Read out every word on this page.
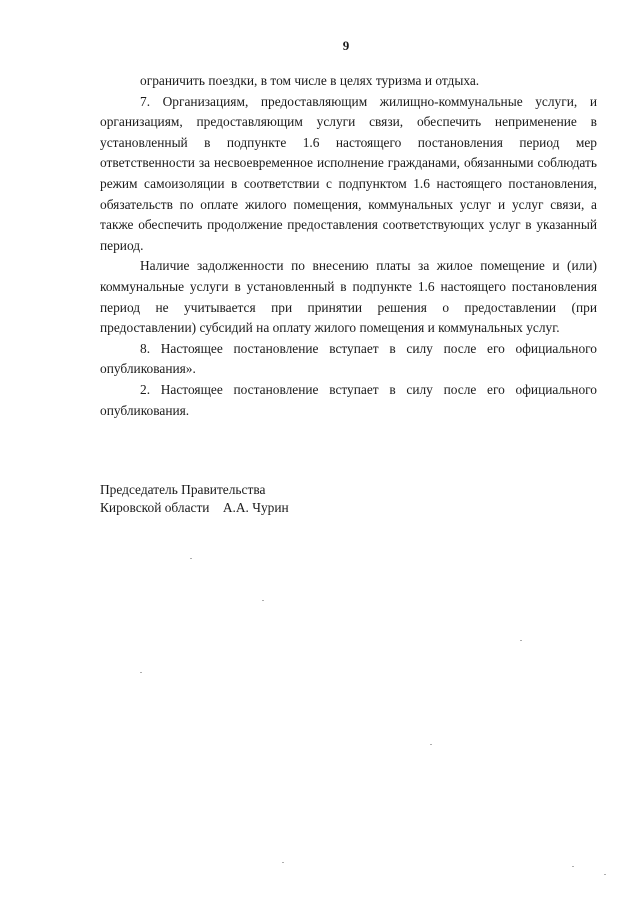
9

ограничить поездки, в том числе в целях туризма и отдыха.

7. Организациям, предоставляющим жилищно-коммунальные услуги, и организациям, предоставляющим услуги связи, обеспечить неприменение в установленный в подпункте 1.6 настоящего постановления период мер ответственности за несвоевременное исполнение гражданами, обязанными соблюдать режим самоизоляции в соответствии с подпунктом 1.6 настоящего постановления, обязательств по оплате жилого помещения, коммунальных услуг и услуг связи, а также обеспечить продолжение предоставления соответствующих услуг в указанный период.

Наличие задолженности по внесению платы за жилое помещение и (или) коммунальные услуги в установленный в подпункте 1.6 настоящего постановления период не учитывается при принятии решения о предоставлении (при предоставлении) субсидий на оплату жилого помещения и коммунальных услуг.

8. Настоящее постановление вступает в силу после его официального опубликования».

2. Настоящее постановление вступает в силу после его официального опубликования.

Председатель Правительства
Кировской области    А.А. Чурин
